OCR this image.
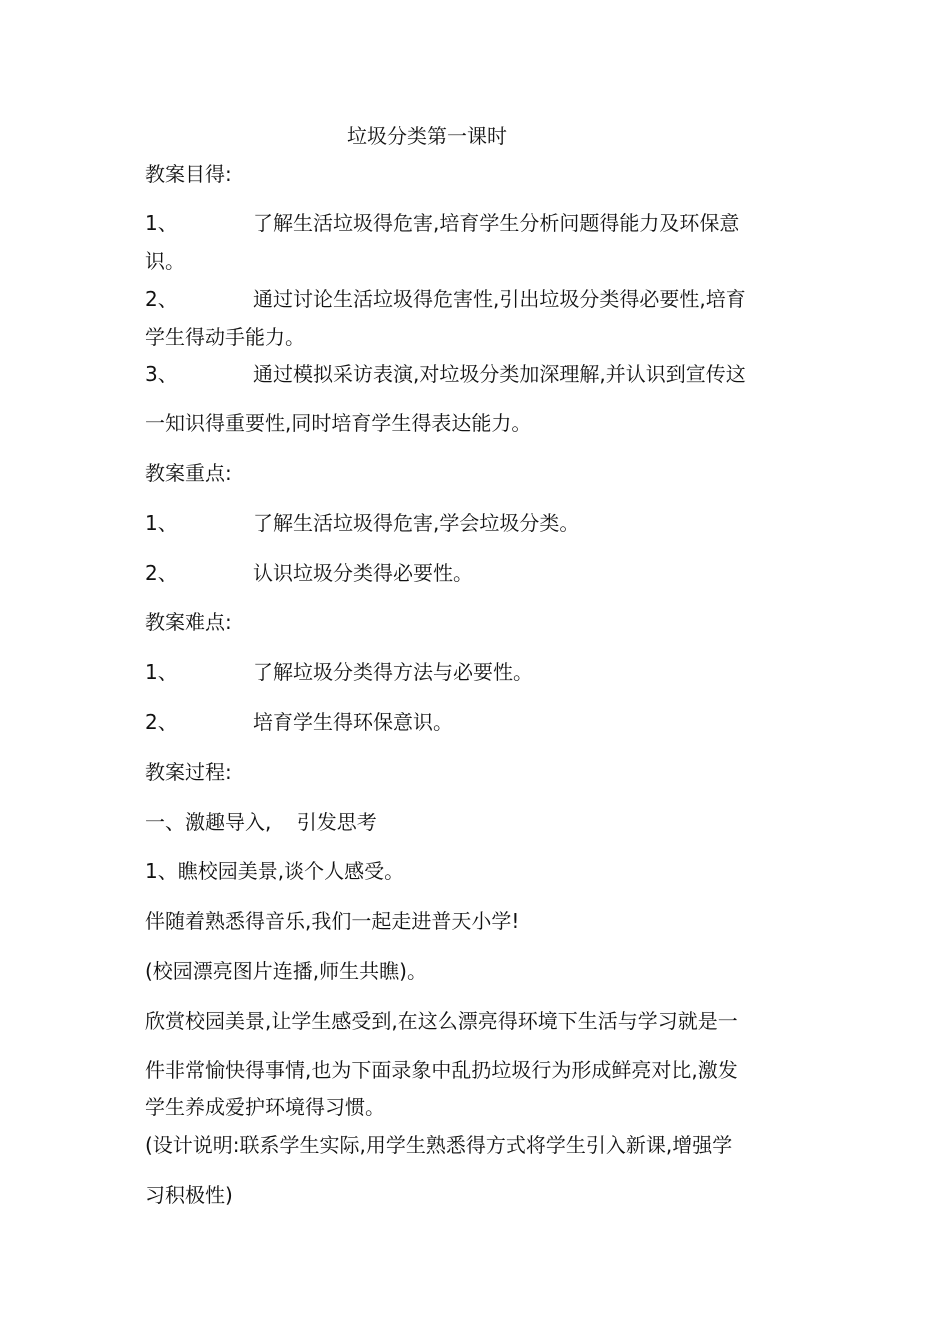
垃圾分类第一课时
教案目得:
1、	了解生活垃圾得危害,培育学生分析问题得能力及环保意
识。
2、	通过讨论生活垃圾得危害性,引出垃圾分类得必要性,培育
学生得动手能力。
3、	通过模拟采访表演,对垃圾分类加深理解,并认识到宣传这
一知识得重要性,同时培育学生得表达能力。
教案重点:
1、	了解生活垃圾得危害,学会垃圾分类。
2、	认识垃圾分类得必要性。
教案难点:
1、	了解垃圾分类得方法与必要性。
2、	培育学生得环保意识。
教案过程:
一、激趣导入,    引发思考
1、瞧校园美景,谈个人感受。
伴随着熟悉得音乐,我们一起走进普天小学!
(校园漂亮图片连播,师生共瞧)。
欣赏校园美景,让学生感受到,在这么漂亮得环境下生活与学习就是一
件非常愉快得事情,也为下面录象中乱扔垃圾行为形成鲜亮对比,激发
学生养成爱护环境得习惯。
(设计说明:联系学生实际,用学生熟悉得方式将学生引入新课,增强学
习积极性)
